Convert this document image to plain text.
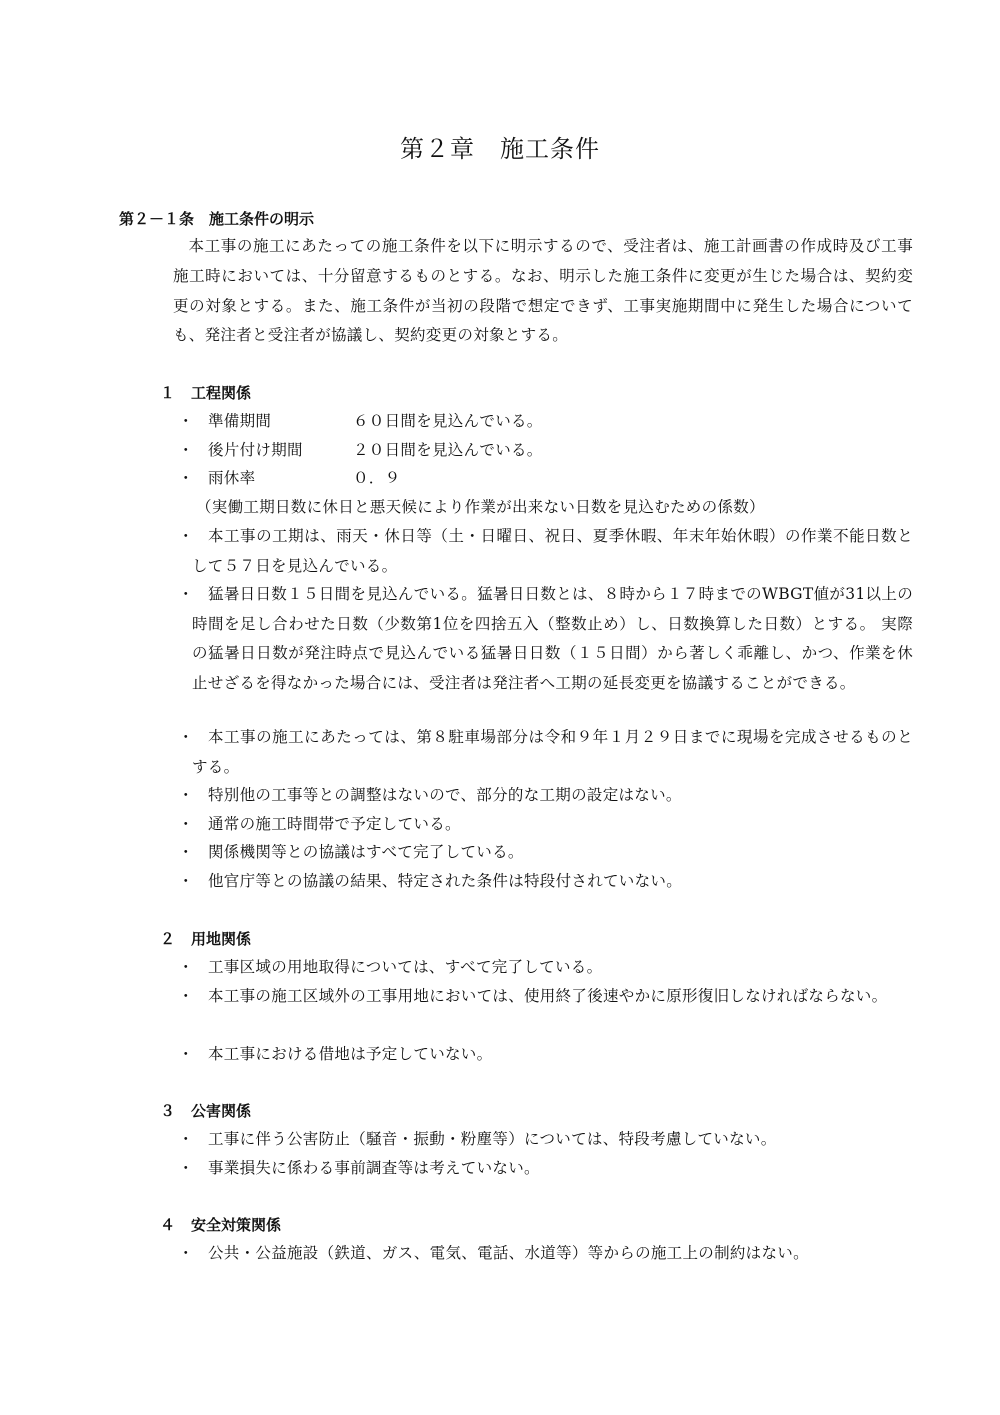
第２章　施工条件
第２－１条　施工条件の明示
本工事の施工にあたっての施工条件を以下に明示するので、受注者は、施工計画書の作成時及び工事施工時においては、十分留意するものとする。なお、明示した施工条件に変更が生じた場合は、契約変更の対象とする。また、施工条件が当初の段階で想定できず、工事実施期間中に発生した場合についても、発注者と受注者が協議し、契約変更の対象とする。
１ 工程関係
・ 準備期間	６０日間を見込んでいる。
・ 後片付け期間	２０日間を見込んでいる。
・ 雨休率	０．９
（実働工期日数に休日と悪天候により作業が出来ない日数を見込むための係数）
・ 本工事の工期は、雨天・休日等（土・日曜日、祝日、夏季休暇、年末年始休暇）の作業不能日数として５７日を見込んでいる。
・ 猛暑日日数１５日間を見込んでいる。猛暑日日数とは、８時から１７時までのWBGT値が31以上の時間を足し合わせた日数（少数第1位を四捨五入（整数止め）し、日数換算した日数）とする。 実際の猛暑日日数が発注時点で見込んでいる猛暑日日数（１５日間）から著しく乖離し、かつ、作業を休止せざるを得なかった場合には、受注者は発注者へ工期の延長変更を協議することができる。
・ 本工事の施工にあたっては、第８駐車場部分は令和９年１月２９日までに現場を完成させるものとする。
・ 特別他の工事等との調整はないので、部分的な工期の設定はない。
・ 通常の施工時間帯で予定している。
・ 関係機関等との協議はすべて完了している。
・ 他官庁等との協議の結果、特定された条件は特段付されていない。
２ 用地関係
・ 工事区域の用地取得については、すべて完了している。
・ 本工事の施工区域外の工事用地においては、使用終了後速やかに原形復旧しなければならない。
・ 本工事における借地は予定していない。
３ 公害関係
・ 工事に伴う公害防止（騒音・振動・粉塵等）については、特段考慮していない。
・ 事業損失に係わる事前調査等は考えていない。
４ 安全対策関係
・ 公共・公益施設（鉄道、ガス、電気、電話、水道等）等からの施工上の制約はない。
